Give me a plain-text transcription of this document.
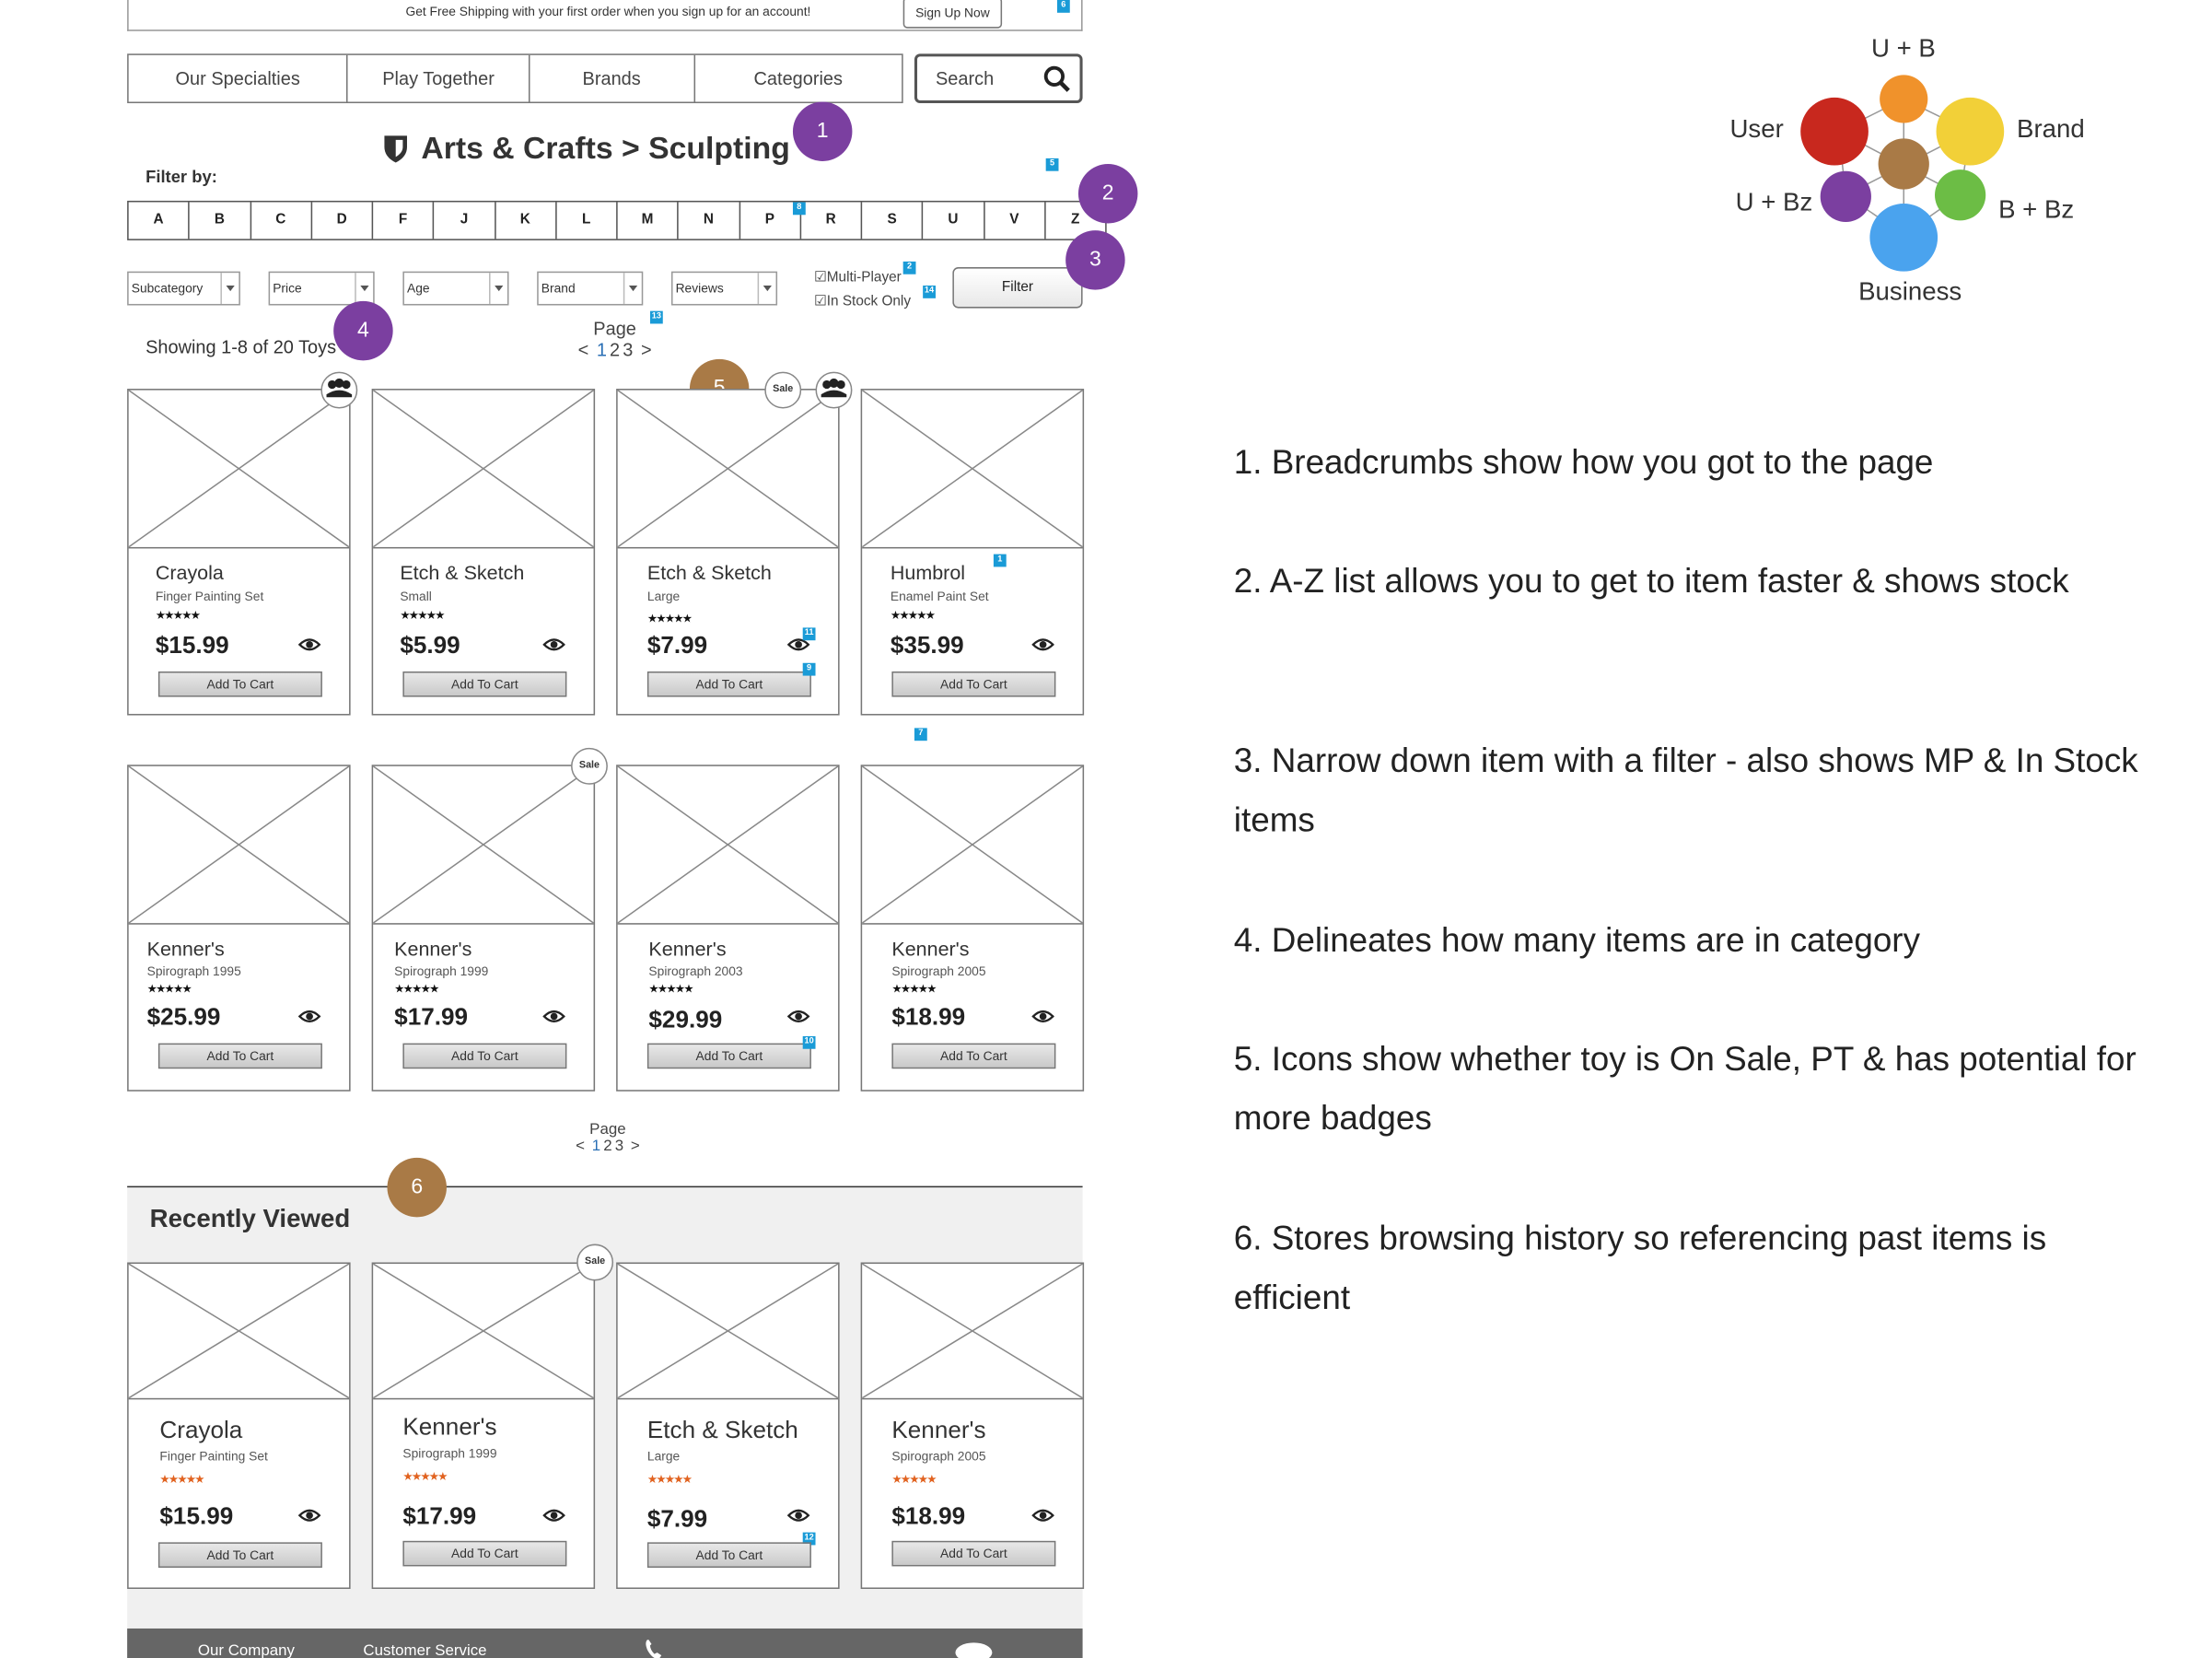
Get Free Shipping with your first order when you sign up for an account!	Sign Up Now
6
Our Specialties	Play Together	Brands	Categories	Search
Arts & Crafts > Sculpting	1
5
Filter by:
A	B	C	D	F	J	K	L	M	N	P	R	S	U	V	Z
8
2
Subcategory	Price	Age	Brand	Reviews
☑Multi-Player
☑In Stock Only
2
14	Filter
3
Showing 1-8 of 20 Toys
4	Page
< 1 2 3 >
13
Crayola
Finger Painting Set
★★★★★
$15.99
Add To Cart
Etch & Sketch
Small
★★★★★
$5.99
Add To Cart
Etch & Sketch
Large
★★★★★
$7.99	11
Add To Cart
9
1
Humbrol
Enamel Paint Set
★★★★★
$35.99
Add To Cart
Sale
7
Kenner's
Spirograph 1995
★★★★★
$25.99
Add To Cart
Kenner's
Spirograph 1999
★★★★★
$17.99
Add To Cart
Kenner's
Spirograph 2003
★★★★★
$29.99
Add To Cart
10
Kenner's
Spirograph 2005
★★★★★
$18.99
Add To Cart
Sale
Page
< 1 2 3 >
Recently Viewed
6
Crayola
Finger Painting Set
★★★★★
$15.99
Add To Cart
Kenner's
Spirograph 1999
★★★★★
$17.99
Add To Cart
Etch & Sketch
Large
★★★★★
$7.99
12
Add To Cart
Kenner's
Spirograph 2005
★★★★★
$18.99
Add To Cart
Sale
Our Company	Customer Service
U + B
User	Brand
U + Bz	B + Bz
Business
1. Breadcrumbs show how you got to the page
2. A-Z list allows you to get to item faster & shows stock
3. Narrow down item with a filter - also shows MP & In Stock items
4. Delineates how many items are in category
5. Icons show whether toy is On Sale, PT & has potential for more badges
6. Stores browsing history so referencing past items is efficient
